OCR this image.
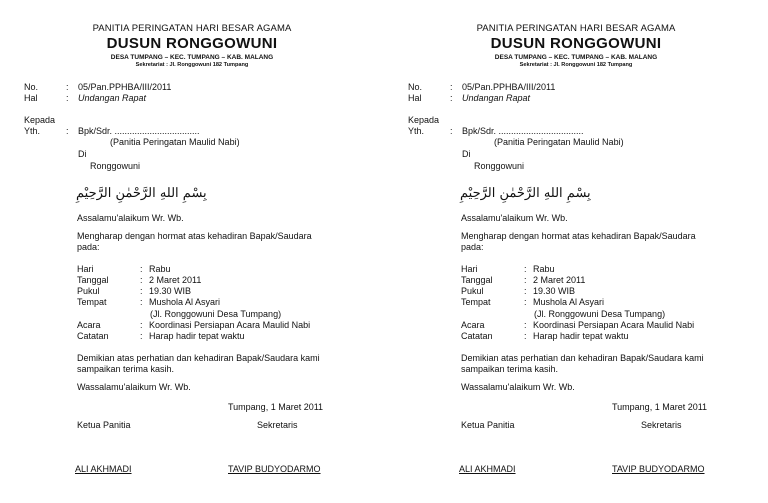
PANITIA PERINGATAN HARI BESAR AGAMA
DUSUN RONGGOWUNI
DESA TUMPANG – KEC. TUMPANG – KAB. MALANG
Sekretariat : Jl. Ronggowuni 182 Tumpang
No.	: 05/Pan.PPHBA/III/2011
Hal	: Undangan Rapat
Kepada
Yth.	: Bpk/Sdr. ..................................
(Panitia Peringatan Maulid Nabi)
Di
Ronggowuni
بِسْمِ اللهِ الرَّحْمٰنِ الرَّحِيْمِ
Assalamu'alaikum Wr. Wb.
Mengharap dengan hormat atas kehadiran Bapak/Saudara
pada:
Hari	: Rabu
Tanggal	: 2 Maret 2011
Pukul	: 19.30 WIB
Tempat	: Mushola Al Asyari
(Jl. Ronggowuni Desa Tumpang)
Acara	: Koordinasi Persiapan Acara Maulid Nabi
Catatan	: Harap hadir tepat waktu
Demikian atas perhatian dan kehadiran Bapak/Saudara kami
sampaikan terima kasih.
Wassalamu'alaikum Wr. Wb.
Tumpang, 1 Maret 2011
Ketua Panitia	Sekretaris
ALI AKHMADI	TAVIP BUDYODARMO
PANITIA PERINGATAN HARI BESAR AGAMA
DUSUN RONGGOWUNI
DESA TUMPANG – KEC. TUMPANG – KAB. MALANG
Sekretariat : Jl. Ronggowuni 182 Tumpang
No.	: 05/Pan.PPHBA/III/2011
Hal	: Undangan Rapat
Kepada
Yth.	: Bpk/Sdr. ..................................
(Panitia Peringatan Maulid Nabi)
Di
Ronggowuni
بِسْمِ اللهِ الرَّحْمٰنِ الرَّحِيْمِ
Assalamu'alaikum Wr. Wb.
Mengharap dengan hormat atas kehadiran Bapak/Saudara
pada:
Hari	: Rabu
Tanggal	: 2 Maret 2011
Pukul	: 19.30 WIB
Tempat	: Mushola Al Asyari
(Jl. Ronggowuni Desa Tumpang)
Acara	: Koordinasi Persiapan Acara Maulid Nabi
Catatan	: Harap hadir tepat waktu
Demikian atas perhatian dan kehadiran Bapak/Saudara kami
sampaikan terima kasih.
Wassalamu'alaikum Wr. Wb.
Tumpang, 1 Maret 2011
Ketua Panitia	Sekretaris
ALI AKHMADI	TAVIP BUDYODARMO
